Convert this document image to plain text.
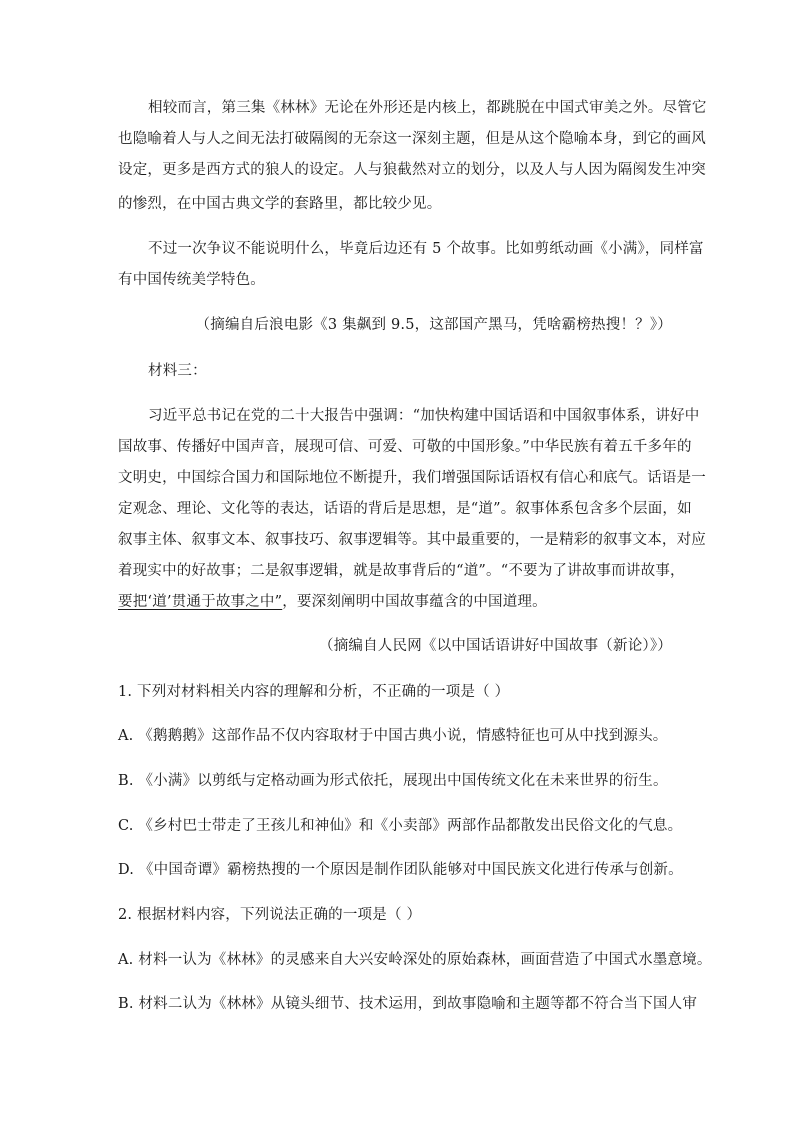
相较而言，第三集《林林》无论在外形还是内核上，都跳脱在中国式审美之外。尽管它
也隐喻着人与人之间无法打破隔阂的无奈这一深刻主题，但是从这个隐喻本身，到它的画风
设定，更多是西方式的狼人的设定。人与狼截然对立的划分，以及人与人因为隔阂发生冲突
的惨烈，在中国古典文学的套路里，都比较少见。
不过一次争议不能说明什么，毕竟后边还有 5 个故事。比如剪纸动画《小满》，同样富
有中国传统美学特色。
（摘编自后浪电影《3 集飙到 9.5，这部国产黑马，凭啥霸榜热搜！？》）
材料三：
习近平总书记在党的二十大报告中强调：“加快构建中国话语和中国叙事体系，讲好中
国故事、传播好中国声音，展现可信、可爱、可敬的中国形象。”中华民族有着五千多年的
文明史，中国综合国力和国际地位不断提升，我们增强国际话语权有信心和底气。话语是一
定观念、理论、文化等的表达，话语的背后是思想，是“道”。叙事体系包含多个层面，如
叙事主体、叙事文本、叙事技巧、叙事逻辑等。其中最重要的，一是精彩的叙事文本，对应
着现实中的好故事；二是叙事逻辑，就是故事背后的“道”。“不要为了讲故事而讲故事，
要把‘道’贯通于故事之中”，要深刻阐明中国故事蕴含的中国道理。
（摘编自人民网《以中国话语讲好中国故事（新论）》）
1. 下列对材料相关内容的理解和分析，不正确的一项是（ ）
A. 《鹅鹅鹅》这部作品不仅内容取材于中国古典小说，情感特征也可从中找到源头。
B. 《小满》以剪纸与定格动画为形式依托，展现出中国传统文化在未来世界的衍生。
C. 《乡村巴士带走了王孩儿和神仙》和《小卖部》两部作品都散发出民俗文化的气息。
D. 《中国奇谭》霸榜热搜的一个原因是制作团队能够对中国民族文化进行传承与创新。
2. 根据材料内容，下列说法正确的一项是（ ）
A. 材料一认为《林林》的灵感来自大兴安岭深处的原始森林，画面营造了中国式水墨意境。
B. 材料二认为《林林》从镜头细节、技术运用，到故事隐喻和主题等都不符合当下国人审
